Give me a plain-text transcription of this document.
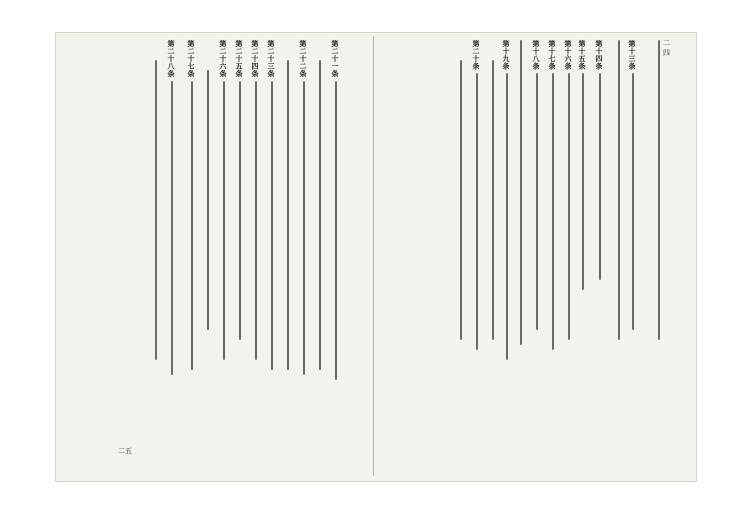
第十三条
第十四条
第十五条
第十六条
第十七条
第十八条
第十九条
第二十条	二四
第二十一条
第二十二条
第二十三条
第二十四条
第二十五条
第二十六条
第二十七条
第二十八条
二五
